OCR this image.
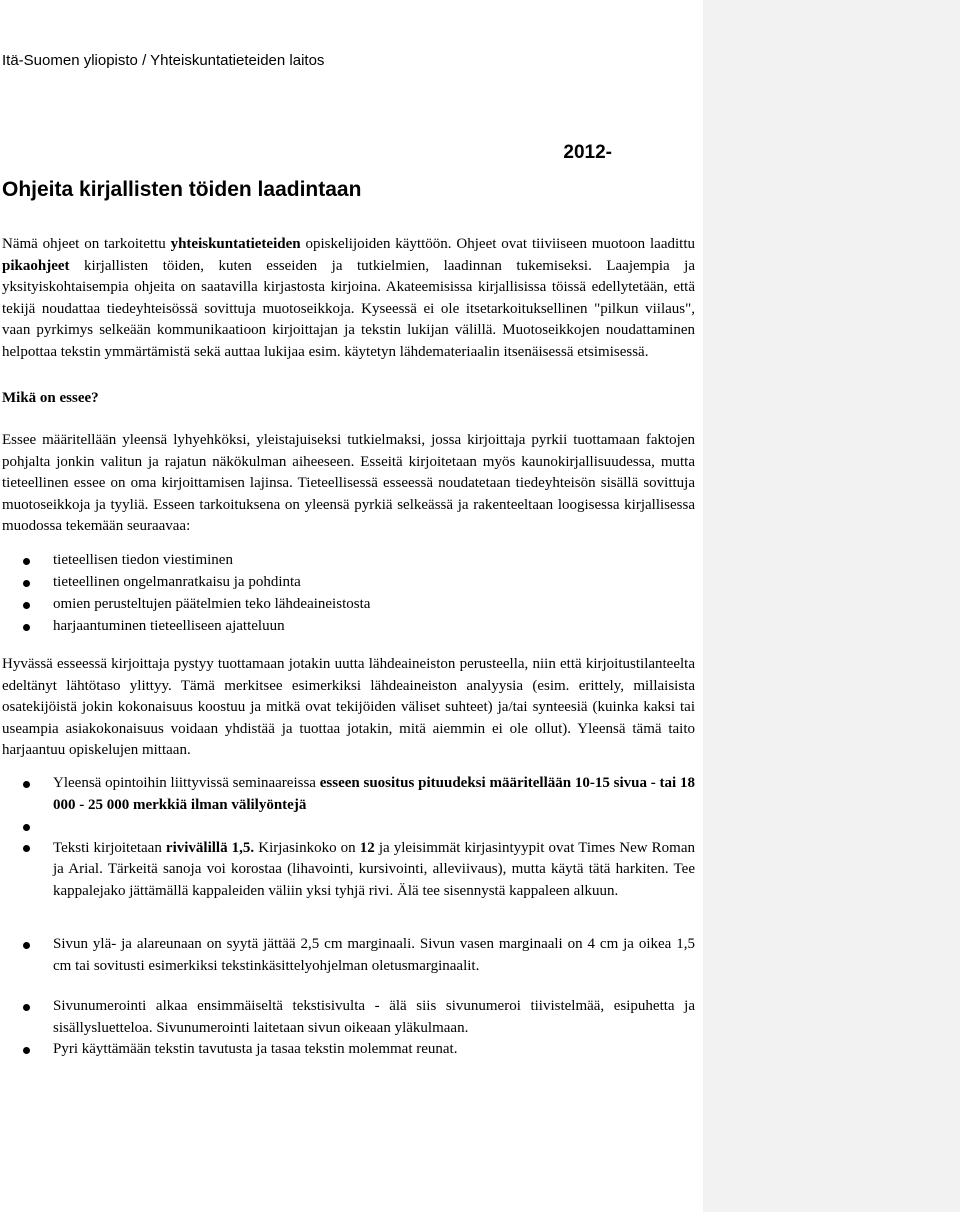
Itä-Suomen yliopisto / Yhteiskuntatieteiden laitos
2012-
Ohjeita kirjallisten töiden laadintaan

Nämä ohjeet on tarkoitettu yhteiskuntatieteiden opiskelijoiden käyttöön. Ohjeet ovat tiiviiseen muotoon laadittu pikaohjeet kirjallisten töiden, kuten esseiden ja tutkielmien, laadinnan tukemiseksi. Laajempia ja yksityiskohtaisempia ohjeita on saatavilla kirjastosta kirjoina. Akateemisissa kirjallisissa töissä edellytetään, että tekijä noudattaa tiedeyhteisössä sovittuja muotoseikkoja. Kyseessä ei ole itsetarkoituksellinen "pilkun viilaus", vaan pyrkimys selkeään kommunikaatioon kirjoittajan ja tekstin lukijan välillä. Muotoseikkojen noudattaminen helpottaa tekstin ymmärtämistä sekä auttaa lukijaa esim. käytetyn lähdemateriaalin itsenäisessä etsimisessä.

Mikä on essee?

Essee määritellään yleensä lyhyehköksi, yleistajuiseksi tutkielmaksi, jossa kirjoittaja pyrkii tuottamaan faktojen pohjalta jonkin valitun ja rajatun näkökulman aiheeseen. Esseitä kirjoitetaan myös kaunokirjallisuudessa, mutta tieteellinen essee on oma kirjoittamisen lajinsa. Tieteellisessä esseessä noudatetaan tiedeyhteisön sisällä sovittuja muotoseikkoja ja tyyliä. Esseen tarkoituksena on yleensä pyrkiä selkeässä ja rakenteeltaan loogisessa kirjallisessa muodossa tekemään seuraavaa:

tieteellisen tiedon viestiminen
tieteellinen ongelmanratkaisu ja pohdinta
omien perusteltujen päätelmien teko lähdeaineistosta
harjaantuminen tieteelliseen ajatteluun

Hyvässä esseessä kirjoittaja pystyy tuottamaan jotakin uutta lähdeaineiston perusteella, niin että kirjoitustilanteelta edeltänyt lähtötaso ylittyy. Tämä merkitsee esimerkiksi lähdeaineiston analyysia (esim. erittely, millaisista osatekijöistä jokin kokonaisuus koostuu ja mitkä ovat tekijöiden väliset suhteet) ja/tai synteesiä (kuinka kaksi tai useampia asiakokonaisuus voidaan yhdistää ja tuottaa jotakin, mitä aiemmin ei ole ollut). Yleensä tämä taito harjaantuu opiskelujen mittaan.

Yleensä opintoihin liittyvissä seminaareissa esseen suositus pituudeksi määritellään 10-15 sivua - tai 18 000 - 25 000 merkkiä ilman välilyöntejä
Teksti kirjoitetaan rivivälillä 1,5. Kirjasinkoko on 12 ja yleisimmät kirjasintyypit ovat Times New Roman ja Arial. Tärkeitä sanoja voi korostaa (lihavointi, kursivointi, alleviivaus), mutta käytä tätä harkiten. Tee kappalejako jättämällä kappaleiden väliin yksi tyhjä rivi. Älä tee sisennystä kappaleen alkuun.
Sivun ylä- ja alareunaan on syytä jättää 2,5 cm marginaali. Sivun vasen marginaali on 4 cm ja oikea 1,5 cm tai sovitusti esimerkiksi tekstinkäsittelyohjelman oletusmarginaalit.
Sivunumerointi alkaa ensimmäiseltä tekstisivulta - älä siis sivunumeroi tiivistelmää, esipuhetta ja sisällysluetteloa. Sivunumerointi laitetaan sivun oikeaan yläkulmaan.
Pyri käyttämään tekstin tavutusta ja tasaa tekstin molemmat reunat.
